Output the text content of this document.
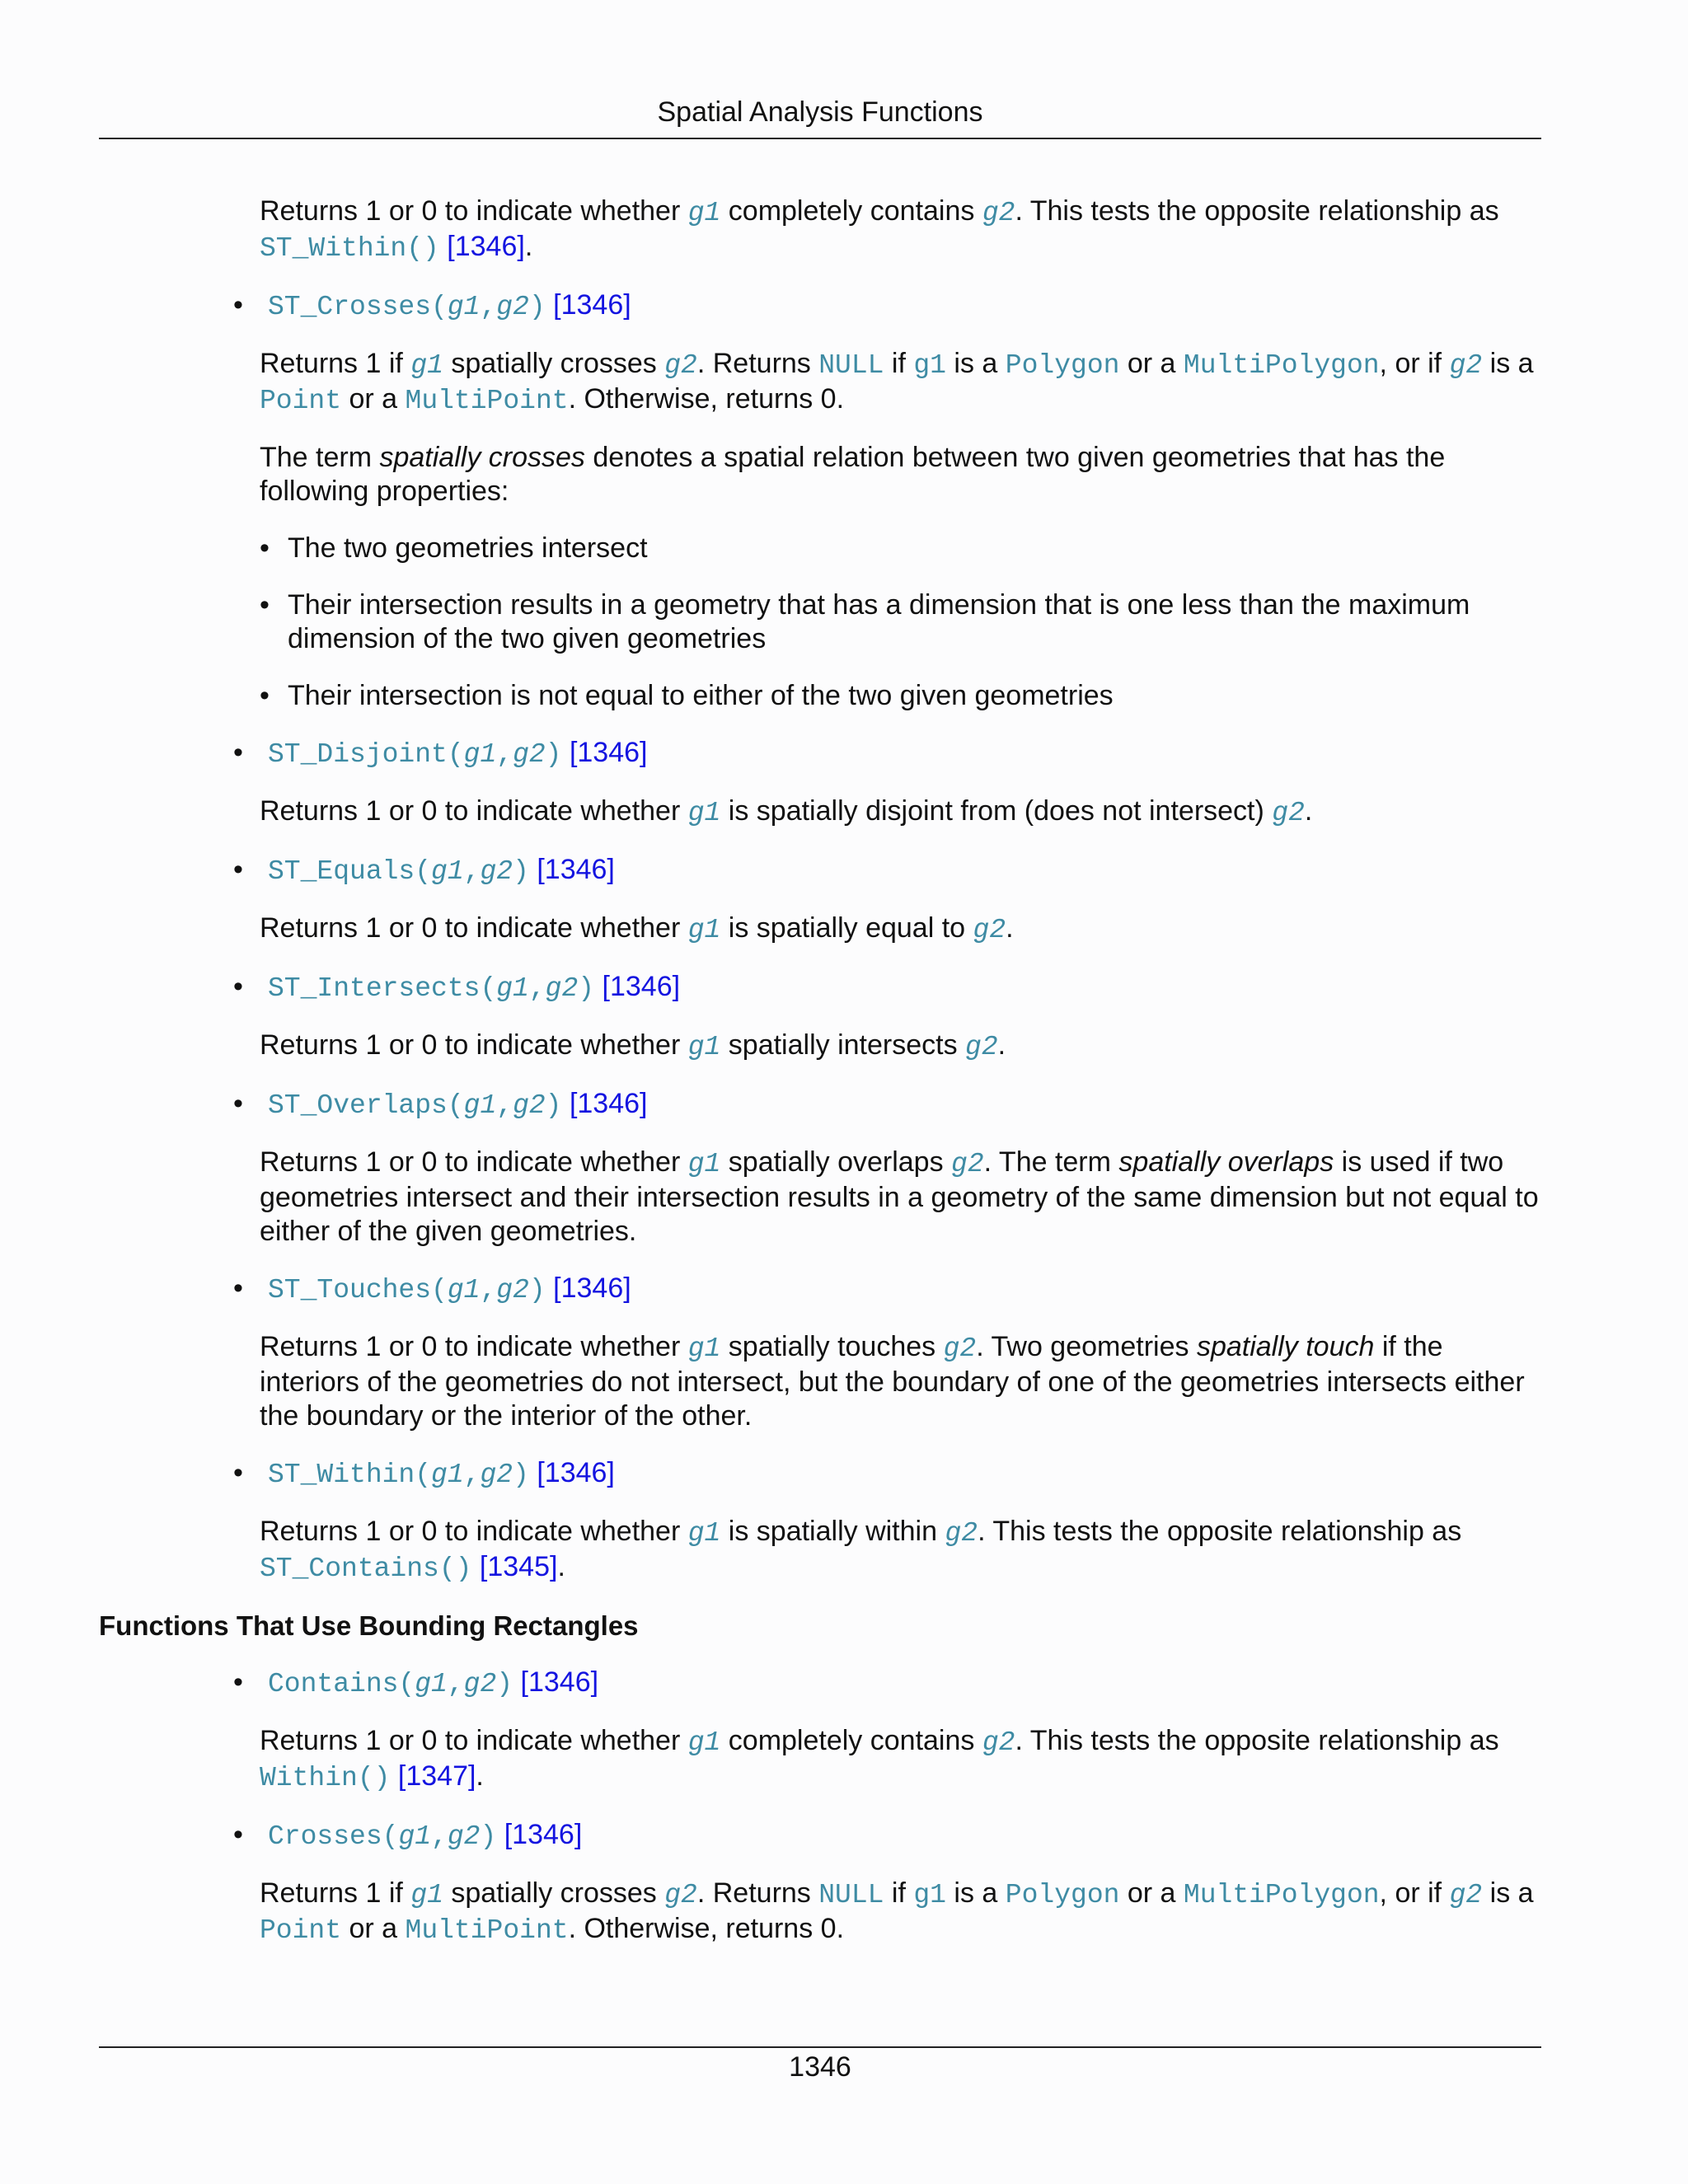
Spatial Analysis Functions

Returns 1 or 0 to indicate whether g1 completely contains g2. This tests the opposite relationship as ST_Within() [1346].

• ST_Crosses(g1,g2) [1346]

Returns 1 if g1 spatially crosses g2. Returns NULL if g1 is a Polygon or a MultiPolygon, or if g2 is a Point or a MultiPoint. Otherwise, returns 0.

The term spatially crosses denotes a spatial relation between two given geometries that has the following properties:

• The two geometries intersect
• Their intersection results in a geometry that has a dimension that is one less than the maximum dimension of the two given geometries
• Their intersection is not equal to either of the two given geometries
• ST_Disjoint(g1,g2) [1346]

Returns 1 or 0 to indicate whether g1 is spatially disjoint from (does not intersect) g2.

• ST_Equals(g1,g2) [1346]

Returns 1 or 0 to indicate whether g1 is spatially equal to g2.

• ST_Intersects(g1,g2) [1346]

Returns 1 or 0 to indicate whether g1 spatially intersects g2.

• ST_Overlaps(g1,g2) [1346]

Returns 1 or 0 to indicate whether g1 spatially overlaps g2. The term spatially overlaps is used if two geometries intersect and their intersection results in a geometry of the same dimension but not equal to either of the given geometries.

• ST_Touches(g1,g2) [1346]

Returns 1 or 0 to indicate whether g1 spatially touches g2. Two geometries spatially touch if the interiors of the geometries do not intersect, but the boundary of one of the geometries intersects either the boundary or the interior of the other.

• ST_Within(g1,g2) [1346]

Returns 1 or 0 to indicate whether g1 is spatially within g2. This tests the opposite relationship as ST_Contains() [1345].

Functions That Use Bounding Rectangles
• Contains(g1,g2) [1346]

Returns 1 or 0 to indicate whether g1 completely contains g2. This tests the opposite relationship as Within() [1347].

• Crosses(g1,g2) [1346]

Returns 1 if g1 spatially crosses g2. Returns NULL if g1 is a Polygon or a MultiPolygon, or if g2 is a Point or a MultiPoint. Otherwise, returns 0.

1346
